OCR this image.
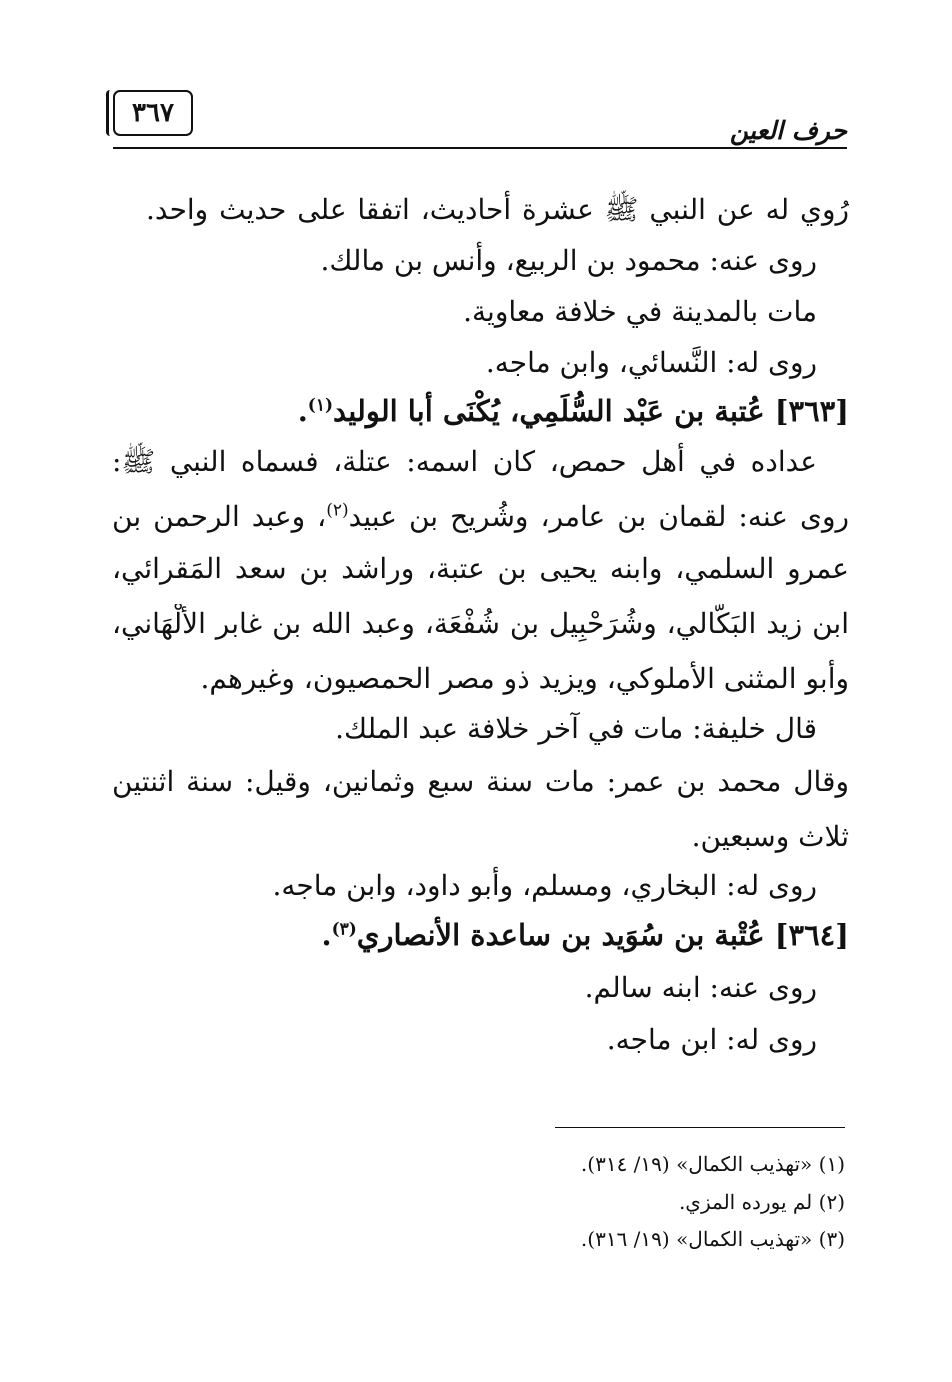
٣٦٧
حرف العين
رُوي له عن النبي ﷺ عشرة أحاديث، اتفقا على حديث واحد.
روى عنه: محمود بن الربيع، وأنس بن مالك.
مات بالمدينة في خلافة معاوية.
روى له: النَّسائي، وابن ماجه.
[٣٦٣] عُتبة بن عَبْد السُّلَمِي، يُكْنَى أبا الوليد$^{(١)}$.
عداده في أهل حمص، كان اسمه: عتلة، فسماه النبي ﷺ:
روى عنه: لقمان بن عامر، وشُريح بن عبيد$^{(٢)}$، وعبد الرحمن بن
عمرو السلمي، وابنه يحيى بن عتبة، وراشد بن سعد المَقرائي،
ابن زيد البَكّالي، وشُرَحْبِيل بن شُفْعَة، وعبد الله بن غابر الألْهَاني،
وأبو المثنى الأملوكي، ويزيد ذو مصر الحمصيون، وغيرهم.
قال خليفة: مات في آخر خلافة عبد الملك.
وقال محمد بن عمر: مات سنة سبع وثمانين، وقيل: سنة اثنتين
ثلاث وسبعين.
روى له: البخاري، ومسلم، وأبو داود، وابن ماجه.
[٣٦٤] عُتْبة بن سُوَيد بن ساعدة الأنصاري$^{(٣)}$.
روى عنه: ابنه سالم.
روى له: ابن ماجه.
(١) «تهذيب الكمال» (١٩/ ٣١٤).
(٢) لم يورده المزي.
(٣) «تهذيب الكمال» (١٩/ ٣١٦).
